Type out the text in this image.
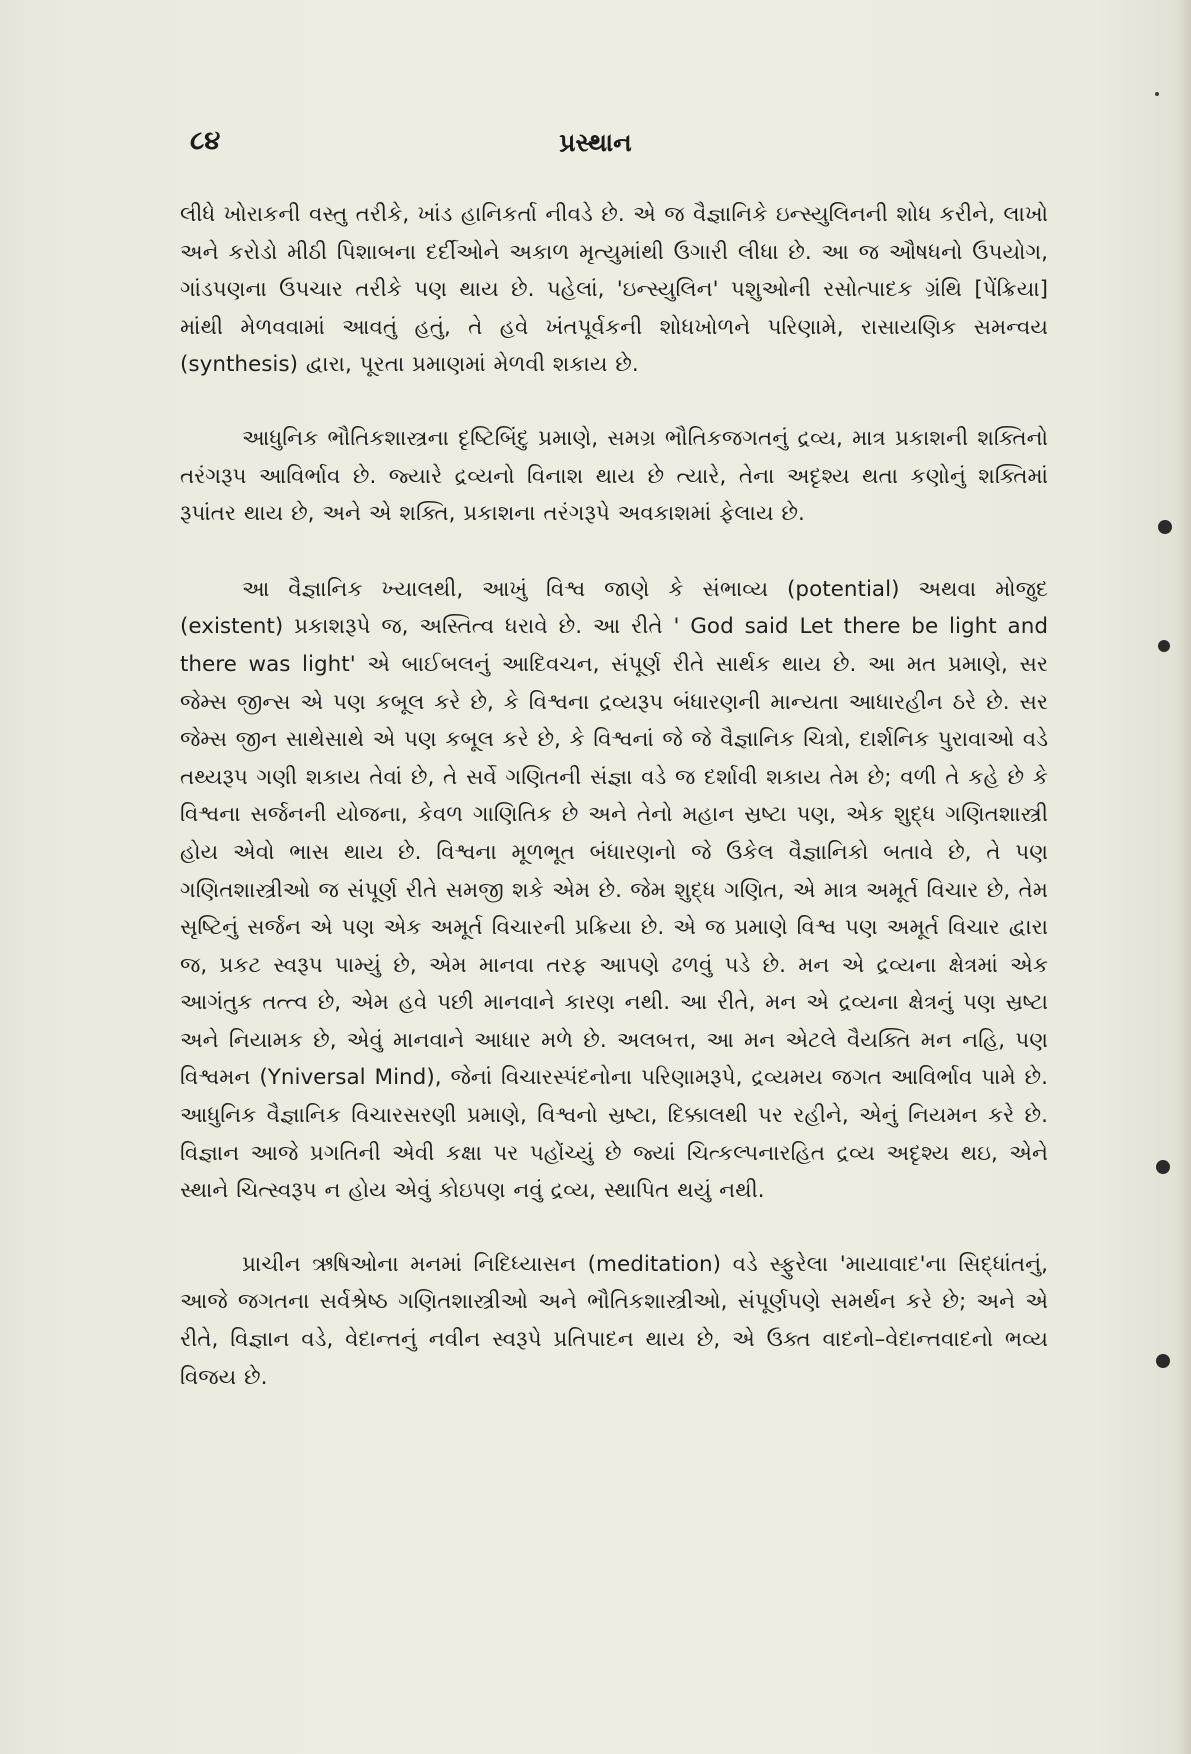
૮૪	પ્રસ્થાન

લીધે ખોરાકની વસ્તુ તરીકે, ખાંડ હાનિકર્તા નીવડે છે. એ જ વૈજ્ઞાનિકે ઇન્સ્યુલિનની શોધ કરીને, લાખો અને કરોડો મીઠી પિશાબના દર્દીઓને અકાળ મૃત્યુમાંથી ઉગારી લીધા છે. આ જ ઔષધનો ઉપયોગ, ગાંડપણના ઉપચાર તરીકે પણ થાય છે. પહેલાં, 'ઇન્સ્યુલિન' પશુઓની રસોત્પાદક ગ્રંથિ [પેંક્રિયા] માંથી મેળવવામાં આવતું હતું, તે હવે ખંતપૂર્વકની શોધખોળને પરિણામે, રાસાયણિક સમન્વય (synthesis) દ્વારા, પૂરતા પ્રમાણમાં મેળવી શકાય છે.

આધુનિક ભૌતિકશાસ્ત્રના દૃષ્ટિબિંદુ પ્રમાણે, સમગ્ર ભૌતિકજગતનું દ્રવ્ય, માત્ર પ્રકાશની શક્તિનો તરંગરૂપ આવિર્ભાવ છે. જ્યારે દ્રવ્યનો વિનાશ થાય છે ત્યારે, તેના અદૃશ્ય થતા કણોનું શક્તિમાં રૂપાંતર થાય છે, અને એ શક્તિ, પ્રકાશના તરંગરૂપે અવકાશમાં ફેલાય છે.

આ વૈજ્ઞાનિક ખ્યાલથી, આખું વિશ્વ જાણે કે સંભાવ્ય (potential) અથવા મોજુદ (existent) પ્રકાશરૂપે જ, અસ્તિત્વ ધરાવે છે. આ રીતે ' God said Let there be light and there was light' એ બાઈબલનું આદિવચન, સંપૂર્ણ રીતે સાર્થક થાય છે. આ મત પ્રમાણે, સર જેમ્સ જીન્સ એ પણ કબૂલ કરે છે, કે વિશ્વના દ્રવ્યરૂપ બંધારણની માન્યતા આધારહીન ઠરે છે. સર જેમ્સ જીન સાથેસાથે એ પણ કબૂલ કરે છે, કે વિશ્વનાં જે જે વૈજ્ઞાનિક ચિત્રો, દાર્શનિક પુરાવાઓ વડે તથ્યરૂપ ગણી શકાય તેવાં છે, તે સર્વે ગણિતની સંજ્ઞા વડે જ દર્શાવી શકાય તેમ છે; વળી તે કહે છે કે વિશ્વના સર્જનની યોજના, કેવળ ગાણિતિક છે અને તેનો મહાન સ્રષ્ટા પણ, એક શુદ્ધ ગણિતશાસ્ત્રી હોય એવો ભાસ થાય છે. વિશ્વના મૂળભૂત બંધારણનો જે ઉકેલ વૈજ્ઞાનિકો બતાવે છે, તે પણ ગણિતશાસ્ત્રીઓ જ સંપૂર્ણ રીતે સમજી શકે એમ છે. જેમ શુદ્ધ ગણિત, એ માત્ર અમૂર્ત વિચાર છે, તેમ સૃષ્ટિનું સર્જન એ પણ એક અમૂર્ત વિચારની પ્રક્રિયા છે. એ જ પ્રમાણે વિશ્વ પણ અમૂર્ત વિચાર દ્વારા જ, પ્રકટ સ્વરૂપ પામ્યું છે, એમ માનવા તરફ આપણે ઢળવું પડે છે. મન એ દ્રવ્યના ક્ષેત્રમાં એક આગંતુક તત્ત્વ છે, એમ હવે પછી માનવાને કારણ નથી. આ રીતે, મન એ દ્રવ્યના ક્ષેત્રનું પણ સ્રષ્ટા અને નિયામક છે, એવું માનવાને આધાર મળે છે. અલબત્ત, આ મન એટલે વૈયક્તિ મન નહિ, પણ વિશ્વમન (Yniversal Mind), જેનાં વિચારસ્પંદનોના પરિણામરૂપે, દ્રવ્યમય જગત આવિર્ભાવ પામે છે. આધુનિક વૈજ્ઞાનિક વિચારસરણી પ્રમાણે, વિશ્વનો સ્રષ્ટા, દિક્કાલથી પર રહીને, એનું નિયમન કરે છે. વિજ્ઞાન આજે પ્રગતિની એવી કક્ષા પર પહોંચ્યું છે જ્યાં ચિત્કલ્પનારહિત દ્રવ્ય અદૃશ્ય થઇ, એને સ્થાને ચિત્સ્વરૂપ ન હોય એવું કોઇપણ નવું દ્રવ્ય, સ્થાપિત થયું નથી.

પ્રાચીન ઋષિઓના મનમાં નિદિધ્યાસન (meditation) વડે સ્ફુરેલા 'માયાવાદ'ના સિદ્ધાંતનું, આજે જગતના સર્વશ્રેષ્ઠ ગણિતશાસ્ત્રીઓ અને ભૌતિકશાસ્ત્રીઓ, સંપૂર્ણપણે સમર્થન કરે છે; અને એ રીતે, વિજ્ઞાન વડે, વેદાન્તનું નવીન સ્વરૂપે પ્રતિપાદન થાય છે, એ ઉક્ત વાદનો–વેદાન્તવાદનો ભવ્ય વિજય છે.
